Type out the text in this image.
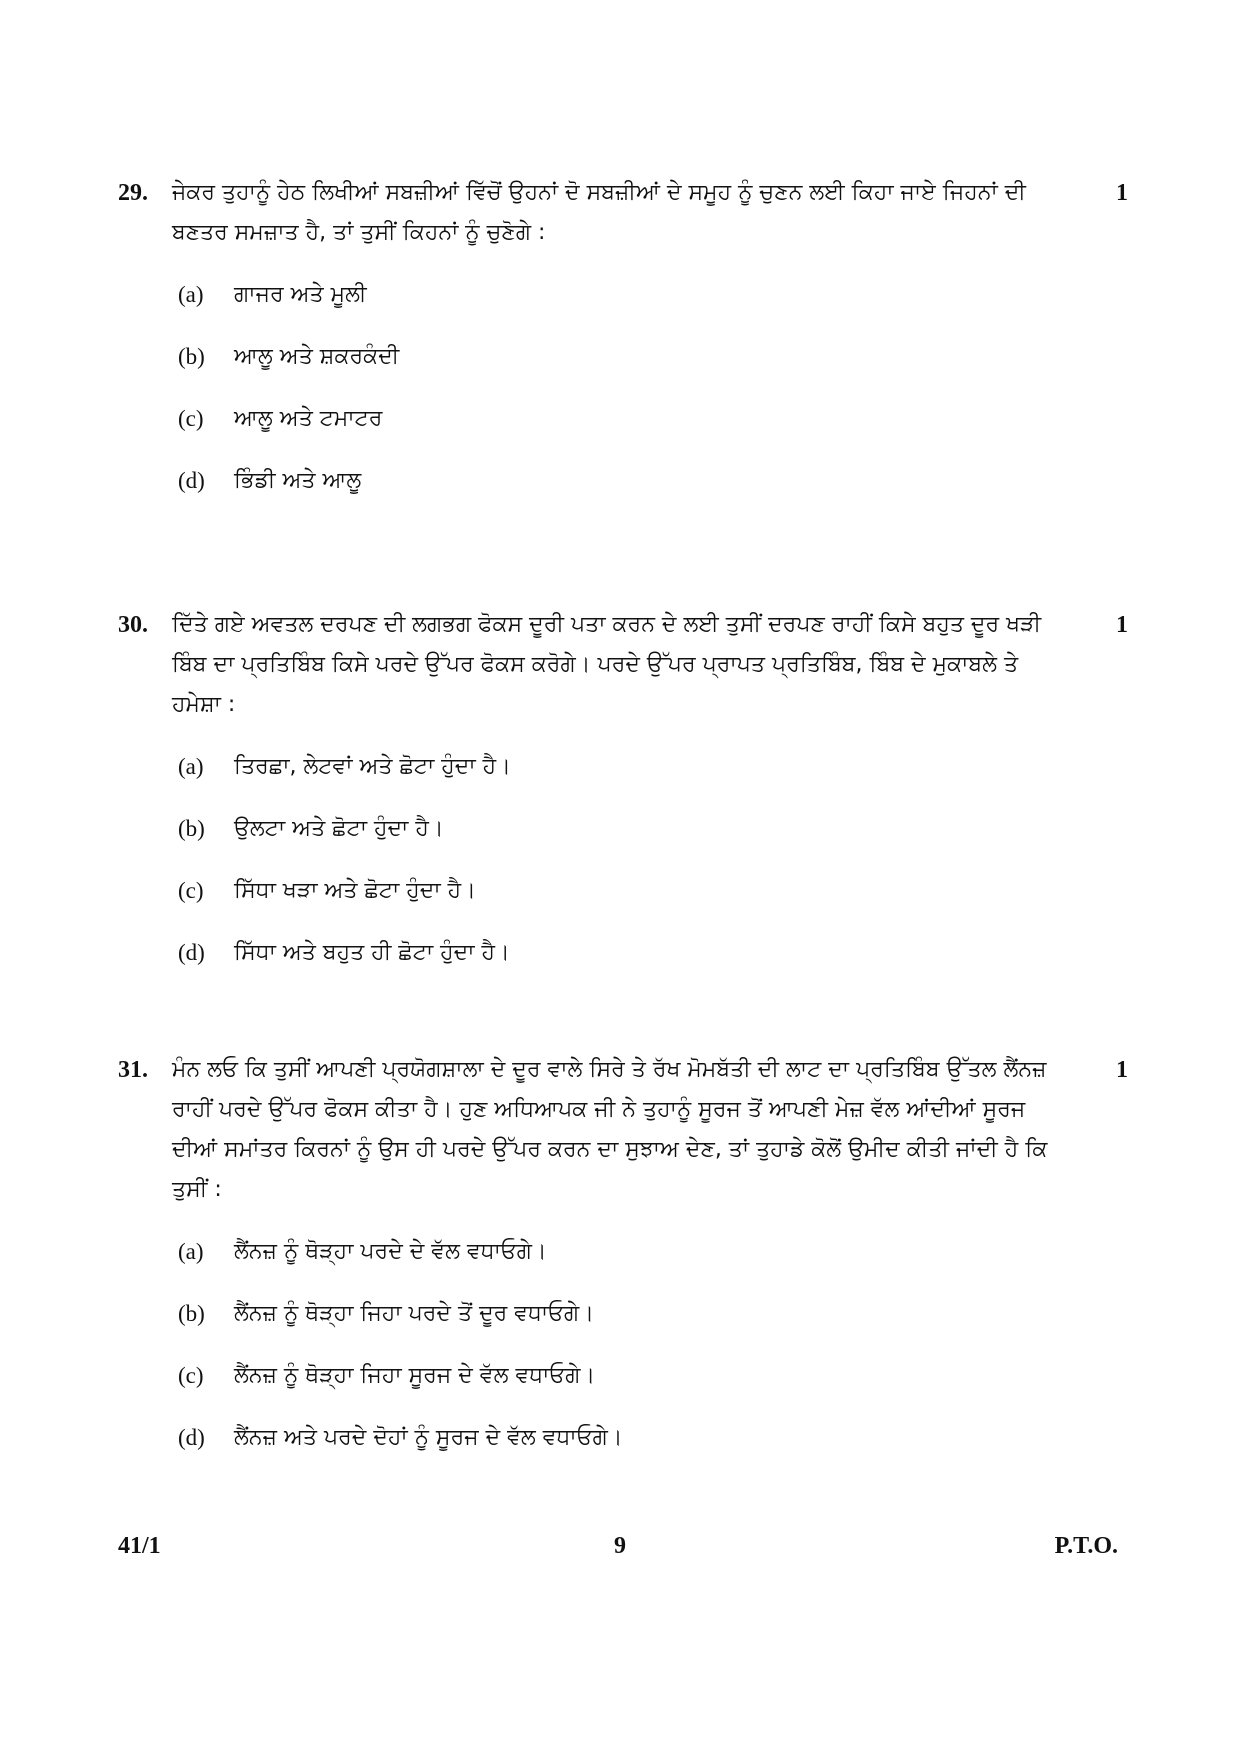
29. ਜੇਕਰ ਤੁਹਾਨੂੰ ਹੇਠ ਲਿਖੀਆਂ ਸਬਜ਼ੀਆਂ ਵਿੱਚੋਂ ਉਹਨਾਂ ਦੋ ਸਬਜ਼ੀਆਂ ਦੇ ਸਮੂਹ ਨੂੰ ਚੁਣਨ ਲਈ ਕਿਹਾ ਜਾਏ ਜਿਹਨਾਂ ਦੀ ਬਣਤਰ ਸਮਜ਼ਾਤ ਹੈ, ਤਾਂ ਤੁਸੀਂ ਕਿਹਨਾਂ ਨੂੰ ਚੁਣੋਗੇ :
1
(a)	ਗਾਜਰ ਅਤੇ ਮੂਲੀ
(b)	ਆਲੂ ਅਤੇ ਸ਼ਕਰਕੰਦੀ
(c)	ਆਲੂ ਅਤੇ ਟਮਾਟਰ
(d)	ਭਿੰਡੀ ਅਤੇ ਆਲੂ
30. ਦਿੱਤੇ ਗਏ ਅਵਤਲ ਦਰਪਣ ਦੀ ਲਗਭਗ ਫੋਕਸ ਦੂਰੀ ਪਤਾ ਕਰਨ ਦੇ ਲਈ ਤੁਸੀਂ ਦਰਪਣ ਰਾਹੀਂ ਕਿਸੇ ਬਹੁਤ ਦੂਰ ਖੜੀ ਬਿੰਬ ਦਾ ਪ੍ਰਤਿਬਿੰਬ ਕਿਸੇ ਪਰਦੇ ਉੱਪਰ ਫੋਕਸ ਕਰੋਗੇ। ਪਰਦੇ ਉੱਪਰ ਪ੍ਰਾਪਤ ਪ੍ਰਤਿਬਿੰਬ, ਬਿੰਬ ਦੇ ਮੁਕਾਬਲੇ ਤੇ ਹਮੇਸ਼ਾ :
1
(a)	ਤਿਰਛਾ, ਲੇਟਵਾਂ ਅਤੇ ਛੋਟਾ ਹੁੰਦਾ ਹੈ।
(b)	ਉਲਟਾ ਅਤੇ ਛੋਟਾ ਹੁੰਦਾ ਹੈ।
(c)	ਸਿੱਧਾ ਖੜਾ ਅਤੇ ਛੋਟਾ ਹੁੰਦਾ ਹੈ।
(d)	ਸਿੱਧਾ ਅਤੇ ਬਹੁਤ ਹੀ ਛੋਟਾ ਹੁੰਦਾ ਹੈ।
31. ਮੰਨ ਲਓ ਕਿ ਤੁਸੀਂ ਆਪਣੀ ਪ੍ਰਯੋਗਸ਼ਾਲਾ ਦੇ ਦੂਰ ਵਾਲੇ ਸਿਰੇ ਤੇ ਰੱਖ ਮੋਮਬੱਤੀ ਦੀ ਲਾਟ ਦਾ ਪ੍ਰਤਿਬਿੰਬ ਉੱਤਲ ਲੈਂਨਜ਼ ਰਾਹੀਂ ਪਰਦੇ ਉੱਪਰ ਫੋਕਸ ਕੀਤਾ ਹੈ। ਹੁਣ ਅਧਿਆਪਕ ਜੀ ਨੇ ਤੁਹਾਨੂੰ ਸੂਰਜ ਤੋਂ ਆਪਣੀ ਮੇਜ਼ ਵੱਲ ਆਂਦੀਆਂ ਸੂਰਜ ਦੀਆਂ ਸਮਾਂਤਰ ਕਿਰਨਾਂ ਨੂੰ ਉਸ ਹੀ ਪਰਦੇ ਉੱਪਰ ਕਰਨ ਦਾ ਸੁਝਾਅ ਦੇਣ, ਤਾਂ ਤੁਹਾਡੇ ਕੋਲੋਂ ਉਮੀਦ ਕੀਤੀ ਜਾਂਦੀ ਹੈ ਕਿ ਤੁਸੀਂ :
1
(a)	ਲੈਂਨਜ਼ ਨੂੰ ਥੋੜ੍ਹਾ ਪਰਦੇ ਦੇ ਵੱਲ ਵਧਾਓਗੇ।
(b)	ਲੈਂਨਜ਼ ਨੂੰ ਥੋੜ੍ਹਾ ਜਿਹਾ ਪਰਦੇ ਤੋਂ ਦੂਰ ਵਧਾਓਗੇ।
(c)	ਲੈਂਨਜ਼ ਨੂੰ ਥੋੜ੍ਹਾ ਜਿਹਾ ਸੂਰਜ ਦੇ ਵੱਲ ਵਧਾਓਗੇ।
(d)	ਲੈਂਨਜ਼ ਅਤੇ ਪਰਦੇ ਦੋਹਾਂ ਨੂੰ ਸੂਰਜ ਦੇ ਵੱਲ ਵਧਾਓਗੇ।
41/1	9	P.T.O.
